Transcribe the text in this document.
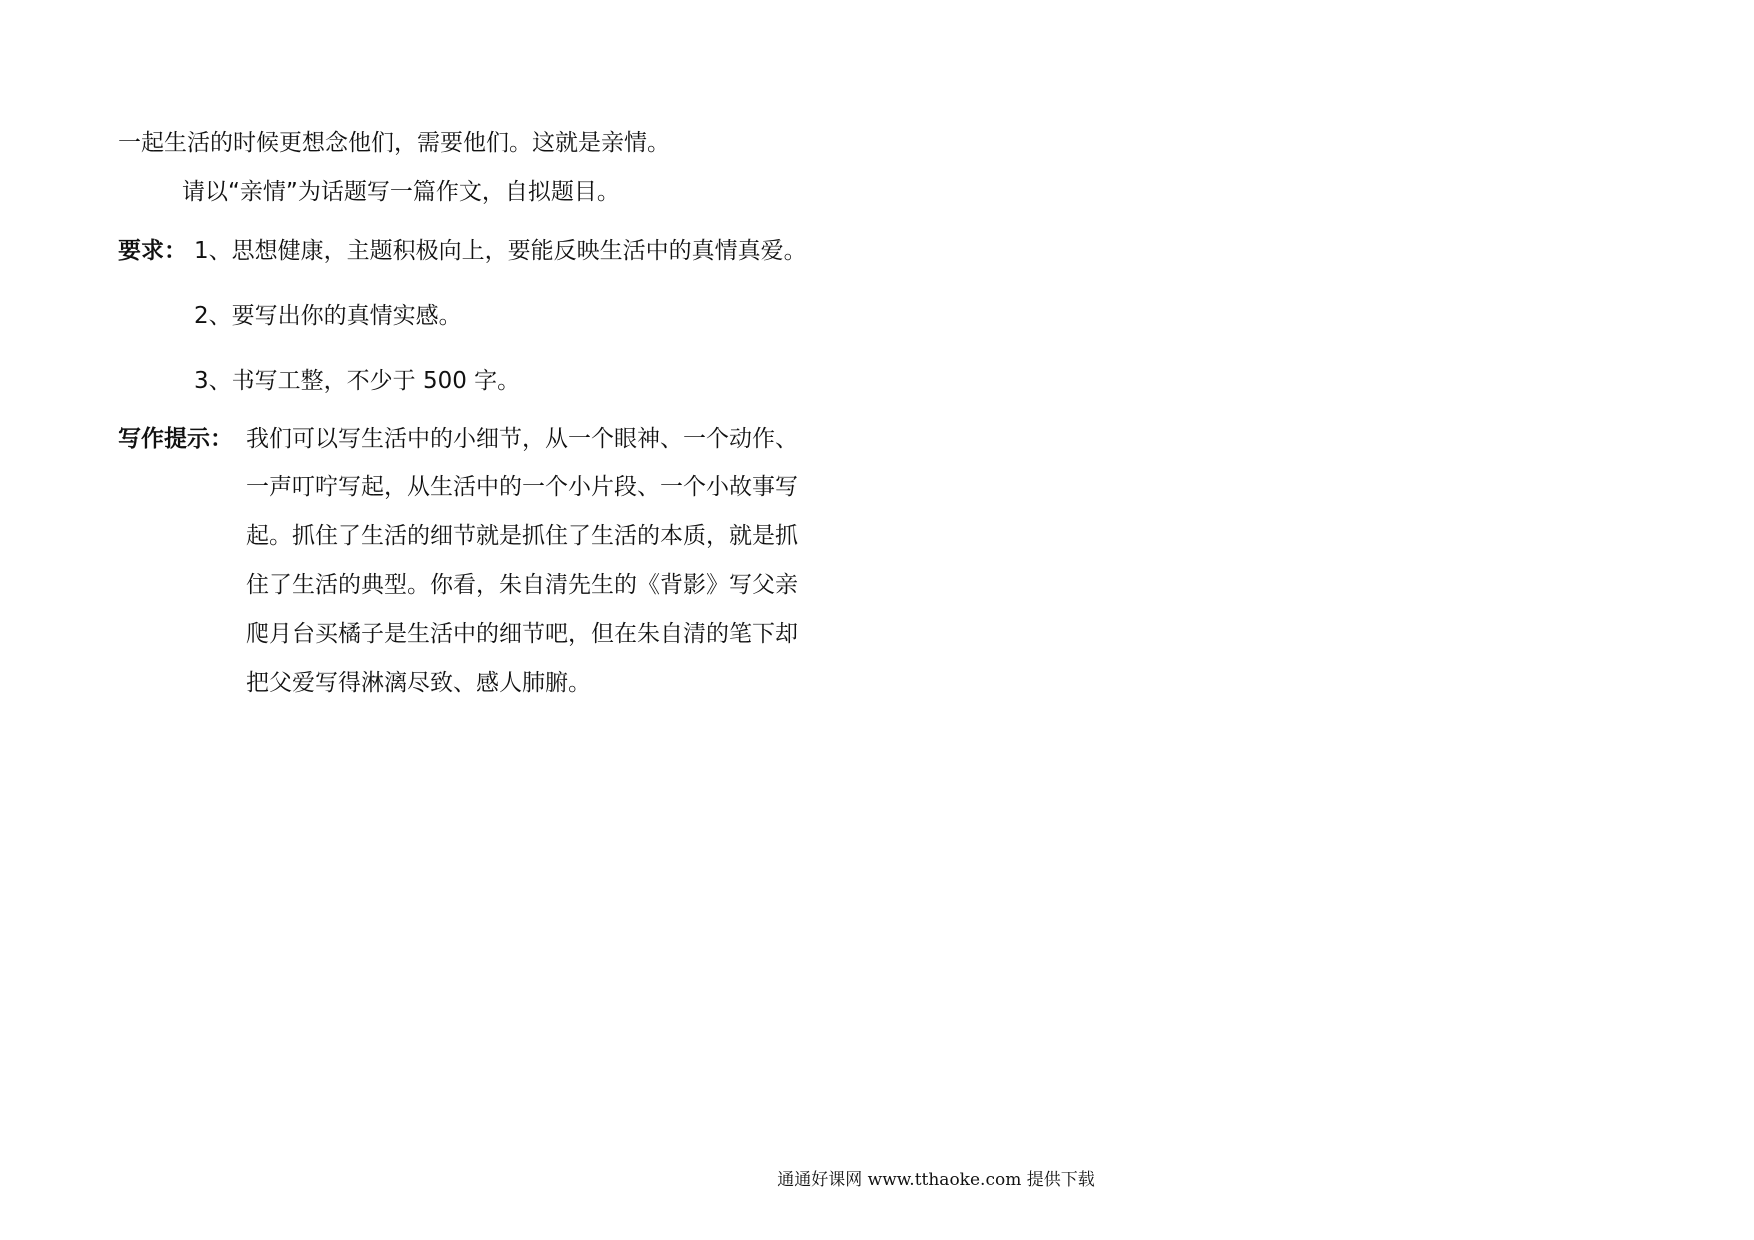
一起生活的时候更想念他们，需要他们。这就是亲情。
请以“亲情”为话题写一篇作文，自拟题目。
要求： 1、思想健康，主题积极向上，要能反映生活中的真情真爱。
2、要写出你的真情实感。
3、书写工整，不少于 500 字。
写作提示： 我们可以写生活中的小细节，从一个眼神、一个动作、
一声叮咛写起，从生活中的一个小片段、一个小故事写
起。抓住了生活的细节就是抓住了生活的本质，就是抓
住了生活的典型。你看，朱自清先生的《背影》写父亲
爬月台买橘子是生活中的细节吧，但在朱自清的笔下却
把父爱写得淋漓尽致、感人肺腑。
通通好课网 www.tthaoke.com 提供下载
